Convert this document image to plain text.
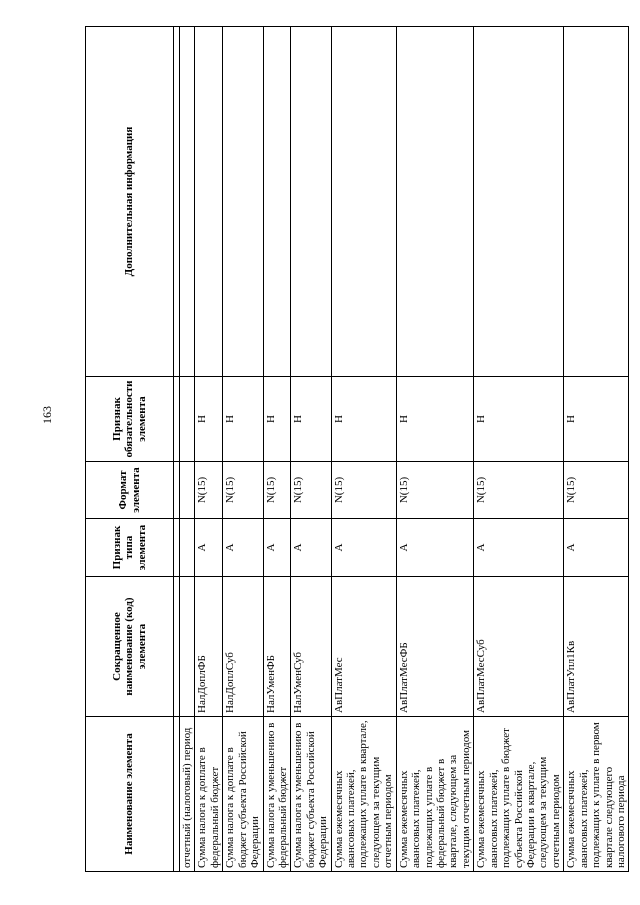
163
Наименование элемента	Сокращенное наименование (код) элемента	Признак типа элемента	Формат элемента	Признак обязательности элемента	Дополнительная информация

отчетный (налоговый) период					
Сумма налога к доплате в федеральный бюджет	НалДоплФБ	А	N(15)	Н	
Сумма налога к доплате в бюджет субъекта Российской Федерации	НалДоплСуб	А	N(15)	Н	
Сумма налога к уменьшению в федеральный бюджет	НалУменФБ	А	N(15)	Н	
Сумма налога к уменьшению в бюджет субъекта Российской Федерации	НалУменСуб	А	N(15)	Н	
Сумма ежемесячных авансовых платежей, подлежащих уплате в квартале, следующем за текущим отчетным периодом	АвПлатМес	А	N(15)	Н	
Сумма ежемесячных авансовых платежей, подлежащих уплате в федеральный бюджет в квартале, следующем за текущим отчетным периодом	АвПлатМесФБ	А	N(15)	Н	
Сумма ежемесячных авансовых платежей, подлежащих уплате в бюджет субъекта Российской Федерации в квартале, следующем за текущим отчетным периодом	АвПлатМесСуб	А	N(15)	Н	
Сумма ежемесячных авансовых платежей, подлежащих к уплате в первом квартале следующего налогового периода	АвПлатУпл1Кв	А	N(15)	Н	
